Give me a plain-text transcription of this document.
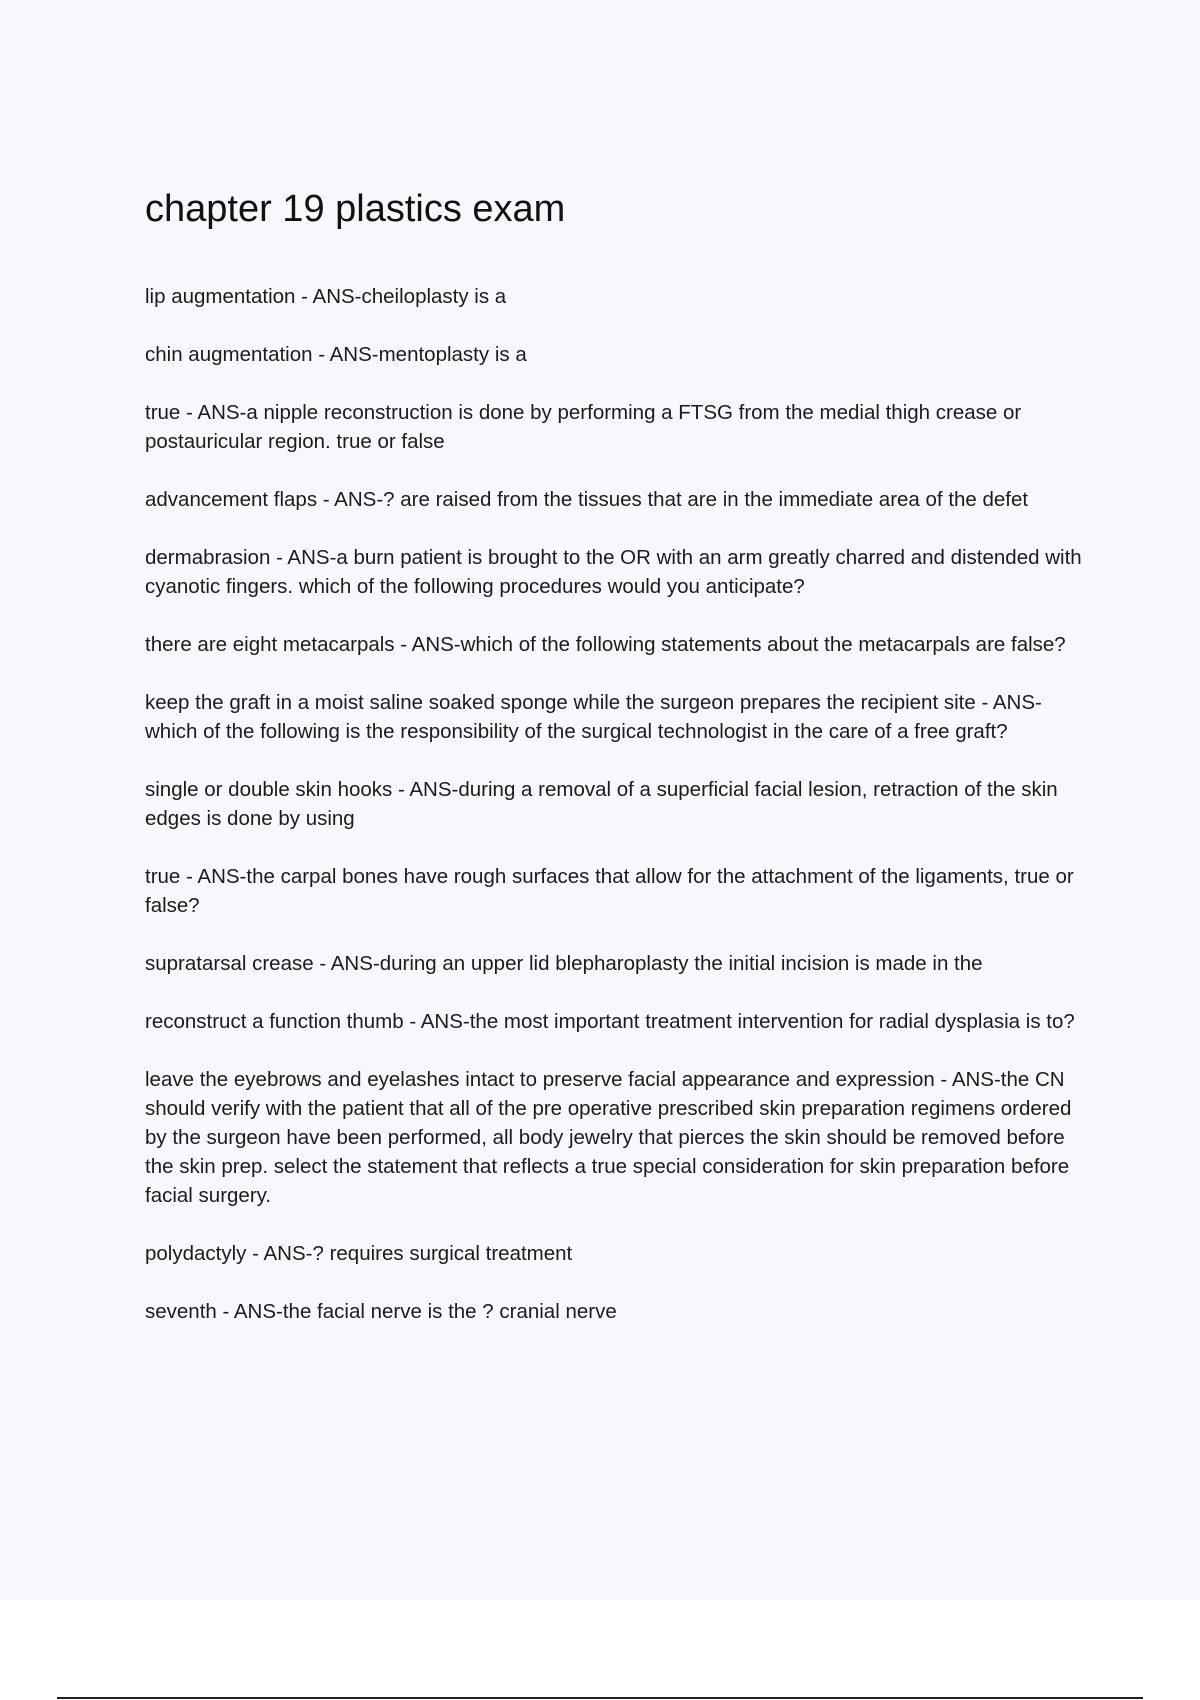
chapter 19 plastics exam

lip augmentation - ANS-cheiloplasty is a

chin augmentation - ANS-mentoplasty is a

true - ANS-a nipple reconstruction is done by performing a FTSG from the medial thigh crease or postauricular region. true or false

advancement flaps - ANS-? are raised from the tissues that are in the immediate area of the defet

dermabrasion - ANS-a burn patient is brought to the OR with an arm greatly charred and distended with cyanotic fingers. which of the following procedures would you anticipate?

there are eight metacarpals - ANS-which of the following statements about the metacarpals are false?

keep the graft in a moist saline soaked sponge while the surgeon prepares the recipient site - ANS-which of the following is the responsibility of the surgical technologist in the care of a free graft?

single or double skin hooks - ANS-during a removal of a superficial facial lesion, retraction of the skin edges is done by using

true - ANS-the carpal bones have rough surfaces that allow for the attachment of the ligaments, true or false?

supratarsal crease - ANS-during an upper lid blepharoplasty the initial incision is made in the

reconstruct a function thumb - ANS-the most important treatment intervention for radial dysplasia is to?

leave the eyebrows and eyelashes intact to preserve facial appearance and expression - ANS-the CN should verify with the patient that all of the pre operative prescribed skin preparation regimens ordered by the surgeon have been performed, all body jewelry that pierces the skin should be removed before the skin prep. select the statement that reflects a true special consideration for skin preparation before facial surgery.

polydactyly - ANS-? requires surgical treatment

seventh - ANS-the facial nerve is the ? cranial nerve
